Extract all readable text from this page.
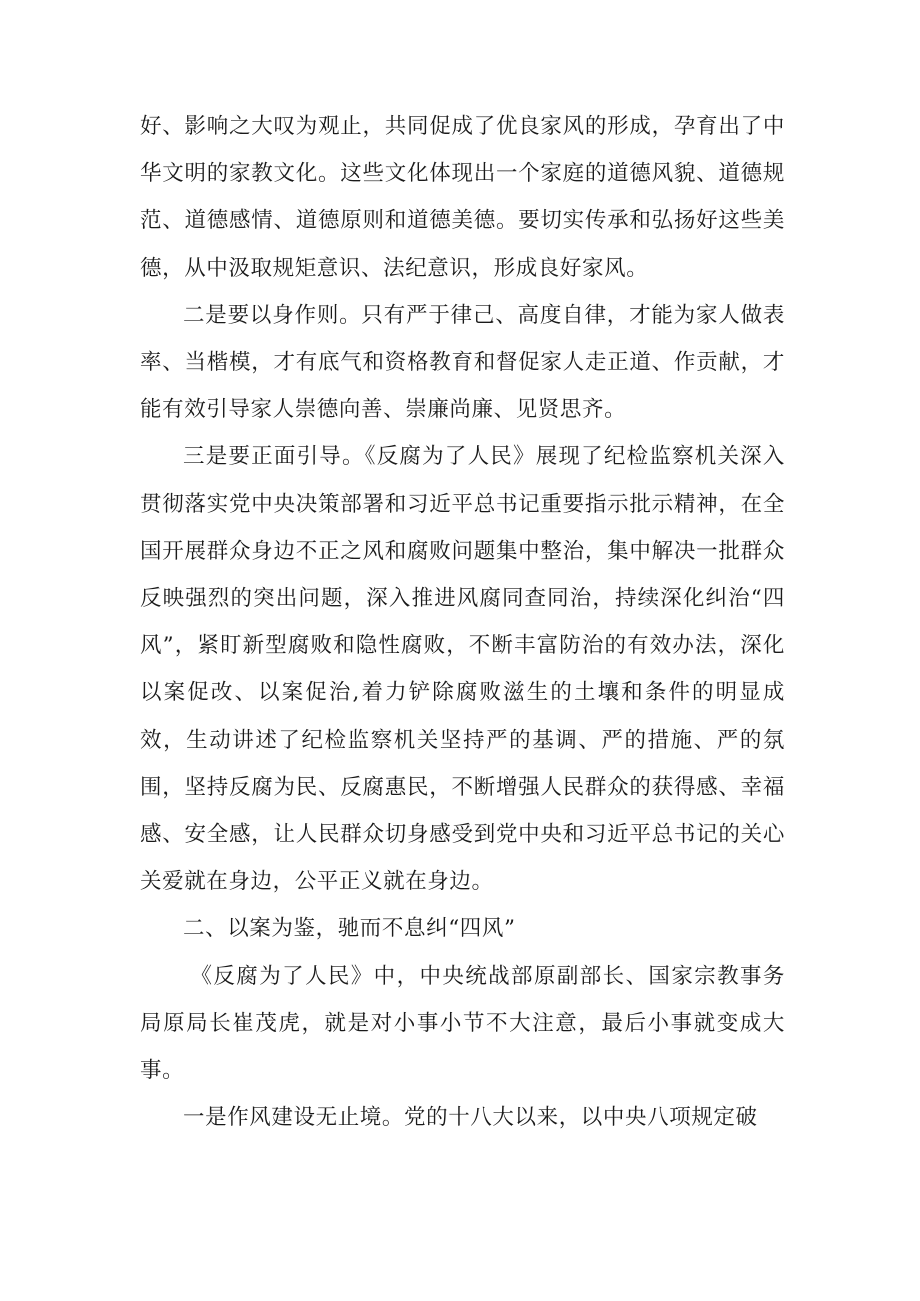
好、影响之大叹为观止，共同促成了优良家风的形成，孕育出了中华文明的家教文化。这些文化体现出一个家庭的道德风貌、道德规范、道德感情、道德原则和道德美德。要切实传承和弘扬好这些美德，从中汲取规矩意识、法纪意识，形成良好家风。

二是要以身作则。只有严于律己、高度自律，才能为家人做表率、当楷模，才有底气和资格教育和督促家人走正道、作贡献，才能有效引导家人崇德向善、崇廉尚廉、见贤思齐。

三是要正面引导。《反腐为了人民》展现了纪检监察机关深入贯彻落实党中央决策部署和习近平总书记重要指示批示精神，在全国开展群众身边不正之风和腐败问题集中整治，集中解决一批群众反映强烈的突出问题，深入推进风腐同查同治，持续深化纠治“四风”，紧盯新型腐败和隐性腐败，不断丰富防治的有效办法，深化以案促改、以案促治,着力铲除腐败滋生的土壤和条件的明显成效，生动讲述了纪检监察机关坚持严的基调、严的措施、严的氛围，坚持反腐为民、反腐惠民，不断增强人民群众的获得感、幸福感、安全感，让人民群众切身感受到党中央和习近平总书记的关心关爱就在身边，公平正义就在身边。

二、以案为鉴，驰而不息纠“四风”

《反腐为了人民》中，中央统战部原副部长、国家宗教事务局原局长崔茂虎，就是对小事小节不大注意，最后小事就变成大事。

一是作风建设无止境。党的十八大以来，以中央八项规定破
